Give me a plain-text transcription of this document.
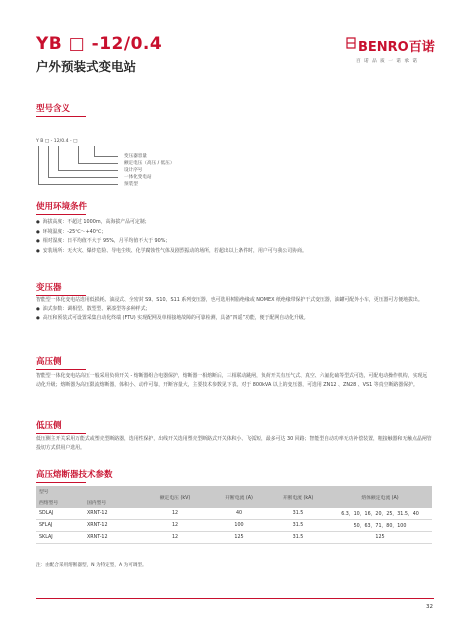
YB □ -12/0.4
户外预装式变电站
BENRO百诺
百 诺 品 质 一 诺 承 诺
型号含义
Y B □ - 12/0.4 - □
变压器容量
额定电压（高压 / 低压）
设计序号
一体化变电站
预装型
使用环境条件
● 海拔高度：不超过 1000m，高海拔产品可定制；
● 环境温度：-25℃～+40℃；
● 相对湿度：日平均值不大于 95%，月平均值不大于 90%；
● 安装场所：无火灾、爆炸危险、导电尘埃、化学腐蚀性气体及剧烈振动的场所，若超出以上条件时，用户可与我公司协商。
变压器
智能型一体化变电站选用低损耗、油浸式、全密封 S9、S10、S11 系列变压器，也可选用树脂绝缘或 NOMEX 纸绝缘带保护干式变压器，油罐可配外小车，更压器可方便地拔出。
● 油式参数：调相型、散型型、紧凑型等多种样式；
● 高压和预装式可设置采集自动化终端 (FTU) 实现配网及单相接地故障的可靠检测，具备“四遥”功能，便于配网自动化升级。
高压侧
智能型一体化变电站高压一般采用负荷开关 - 熔断器组合电器保护，熔断器一相熔断后，三相联动跳闸，负荷开关有压气式、真空、六氟化硫等型式可选，可配电动操作机构，实现远动化升级；熔断器为高压限流熔断器，体积小、动作可靠，开断容量大，主要技术参数见下表。对于 800kVA 以上的变压器，可选用 ZN12 、ZN28 、VS1 等真空断路器保护。
低压侧
低压侧主开关采用万能式或塑壳型断路器，选用性保护，出线开关选用塑壳型断路式开关体积小、飞弧短，最多可达 30 回路；智能型自动功率无功补偿装置，粗接触器和无触点晶闸管投切方式供用户选用。
高压熔断器技术参数
型号		额定电压 (kV)	开断电流 (A)	开断电流 (kA)	熔体额定电流 (A)
西熔型号	国内型号				
SDLAJ	XRNT-12	12	40	31.5	6.3，10，16，20，25，31.5，40
SFLAJ	XRNT-12	12	100	31.5	50，63，71，80，100
SKLAJ	XRNT-12	12	125	31.5	125
注：由配合采用熔断器型，N 为特定型，A 为可调型。
32
